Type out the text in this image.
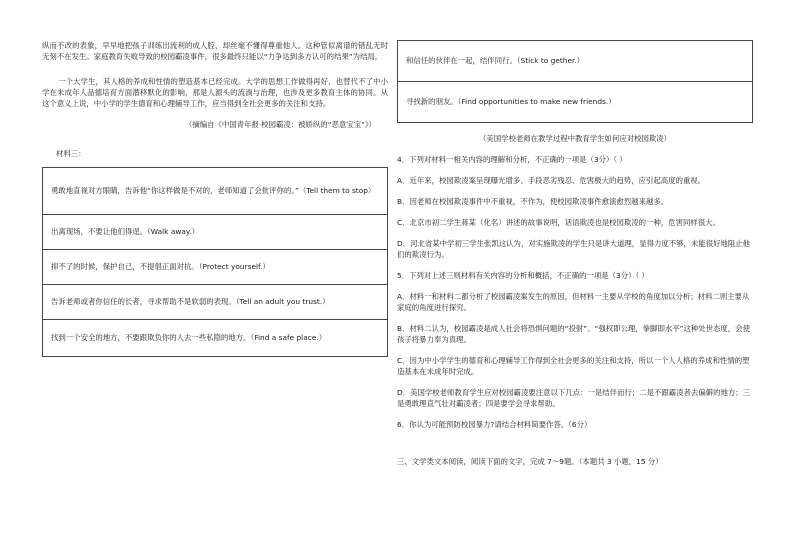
纵而不改的表象，早早地把孩子训练出流利的成人腔，却丝毫不懂得尊重他人。这种管似离谱的错乱无时无刻不在发生。家庭教育失败导致的校园霸凌事件，很多最终只能以“力争达到多方认可的结果”为结局。

一个大学生，其人格的养成和性情的塑造基本已经完成。大学的思想工作做得再好，也替代不了中小学在未成年人品德培育方面潜移默化的影响，那是人源头的流淌与治理，也涉及更多教育主体的协同。从这个意义上说，中小学的学生德育和心理辅导工作，应当得到全社会更多的关注和支持。

（摘编自《中国青年报·校园霸凌：被娇纵的“恶意宝宝”》）

材料三：

勇敢地直视对方眼睛，告诉他“你这样做是不对的，老师知道了会批评你的。”（Tell them to stop）
出离现场，不要让他们得逞。（Walk away.）
抑不了的时候，保护自己，不提倡正面对抗。（Protect yourself.）
告诉老师或者你信任的长者，寻求帮助不是软弱的表现。（Tell an adult you trust.）
找到一个安全的地方，不要跟欺负你的人去一些私隐的地方。（Find a safe place.）
和信任的伙伴在一起，结伴同行。（Stick to gether.）
寻找新的朋友。（Find opportunities to make new friends.）

（美国学校老师在教学过程中教育学生如何应对校园欺凌）

4．下列对材料一相关内容的理解和分析，不正确的一项是（3分）（ ）

A．近年来，校园欺凌案呈现曝光增多、手段恶劣残忍、危害极大的趋势，应引起高度的重视。

B．因老师在校园欺凌事件中不重视，不作为，使校园欺凌事件愈演愈烈越来越多。

C．北京市初二学生蒋某（化名）讲述的故事说明，话语欺凌也是校园欺凌的一种，危害同样很大。

D．河北省某中学初三学生张凯这认为，对实施欺凌的学生只是讲大道理，显得力度不够，未能很好地阻止他们的欺凌行为。

5．下列对上述三则材料有关内容的分析和概括，不正确的一项是（3分）（ ）

A．材料一和材料二都分析了校园霸凌案发生的原因，但材料一主要从学校的角度加以分析；材料二则主要从家庭的角度进行探究。

B．材料二认为，校园霸凌是成人社会将恐惧问题的“投射”。“强权即公理，拳脚即水平”这种处世态度，会使孩子将暴力奉为真理。

C．因为中小学学生的德育和心理辅导工作得到全社会更多的关注和支持，所以一个人人格的养成和性情的塑造基本在未成年时完成。

D．美国学校老师教育学生应对校园霸凌要注意以下几点：一是结伴而行；二是不跟霸凌者去偏僻的地方；三是勇敢理直气壮对霸凌者；四是要学会寻求帮助。

6．你认为可能预防校园暴力?请结合材料简要作答。（6分）

三、文学类文本阅读，阅读下面的文字，完成 7～9题。（本题共 3 小题，15 分）
